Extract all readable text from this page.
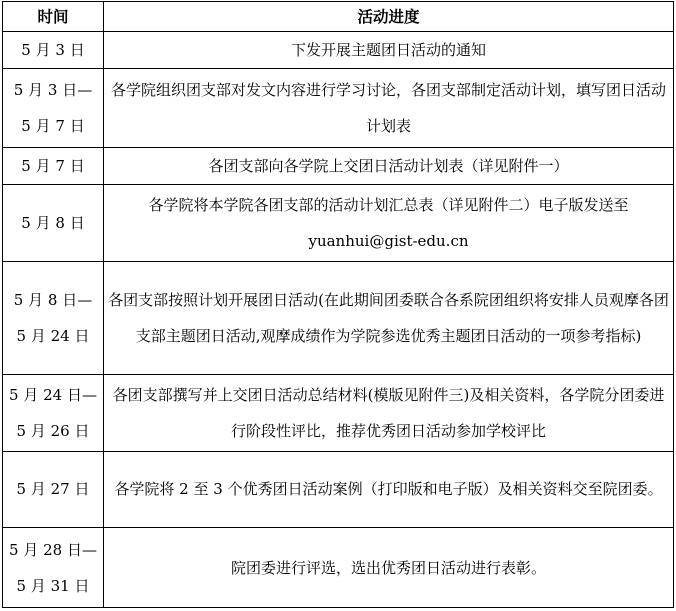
时间	活动进度

5 月 3 日	下发开展主题团日活动的通知

5 月 3 日—
5 月 7 日	各学院组织团支部对发文内容进行学习讨论，各团支部制定活动计划，填写团日活动计划表

5 月 7 日	各团支部向各学院上交团日活动计划表（详见附件一）

5 月 8 日	各学院将本学院各团支部的活动计划汇总表（详见附件二）电子版发送至 yuanhui@gist-edu.cn

5 月 8 日—
5 月 24 日	各团支部按照计划开展团日活动(在此期间团委联合各系院团组织将安排人员观摩各团支部主题团日活动,观摩成绩作为学院参选优秀主题团日活动的一项参考指标)

5 月 24 日—
5 月 26 日	各团支部撰写并上交团日活动总结材料(模版见附件三)及相关资料，各学院分团委进行阶段性评比，推荐优秀团日活动参加学校评比

5 月 27 日	各学院将 2 至 3 个优秀团日活动案例（打印版和电子版）及相关资料交至院团委。

5 月 28 日—
5 月 31 日	院团委进行评选，选出优秀团日活动进行表彰。
